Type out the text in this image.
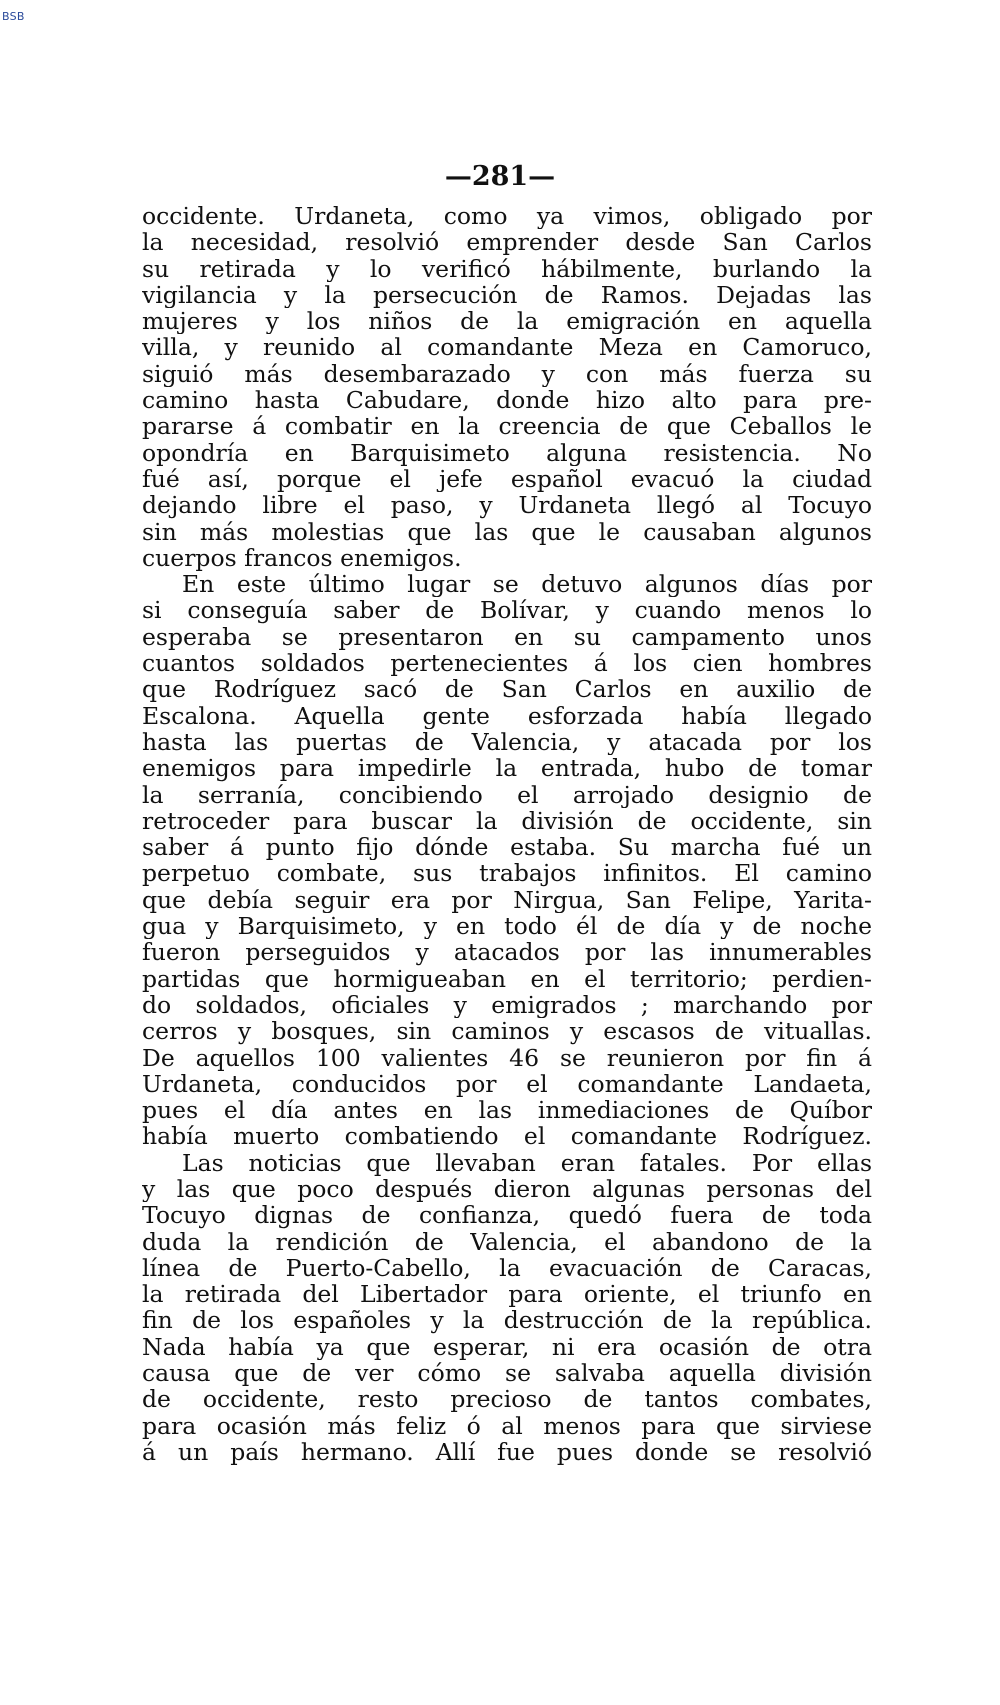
BSB
—281—
occidente. Urdaneta, como ya vimos, obligado por
la necesidad, resolvió emprender desde San Carlos
su retirada y lo verificó hábilmente, burlando la
vigilancia y la persecución de Ramos. Dejadas las
mujeres y los niños de la emigración en aquella
villa, y reunido al comandante Meza en Camoruco,
siguió más desembarazado y con más fuerza su
camino hasta Cabudare, donde hizo alto para pre-
pararse á combatir en la creencia de que Ceballos le
opondría en Barquisimeto alguna resistencia. No
fué así, porque el jefe español evacuó la ciudad
dejando libre el paso, y Urdaneta llegó al Tocuyo
sin más molestias que las que le causaban algunos
cuerpos francos enemigos.
En este último lugar se detuvo algunos días por
si conseguía saber de Bolívar, y cuando menos lo
esperaba se presentaron en su campamento unos
cuantos soldados pertenecientes á los cien hombres
que Rodríguez sacó de San Carlos en auxilio de
Escalona. Aquella gente esforzada había llegado
hasta las puertas de Valencia, y atacada por los
enemigos para impedirle la entrada, hubo de tomar
la serranía, concibiendo el arrojado designio de
retroceder para buscar la división de occidente, sin
saber á punto fijo dónde estaba. Su marcha fué un
perpetuo combate, sus trabajos infinitos. El camino
que debía seguir era por Nirgua, San Felipe, Yarita-
gua y Barquisimeto, y en todo él de día y de noche
fueron perseguidos y atacados por las innumerables
partidas que hormigueaban en el territorio; perdien-
do soldados, oficiales y emigrados ; marchando por
cerros y bosques, sin caminos y escasos de vituallas.
De aquellos 100 valientes 46 se reunieron por fin á
Urdaneta, conducidos por el comandante Landaeta,
pues el día antes en las inmediaciones de Quíbor
había muerto combatiendo el comandante Rodríguez.
Las noticias que llevaban eran fatales. Por ellas
y las que poco después dieron algunas personas del
Tocuyo dignas de confianza, quedó fuera de toda
duda la rendición de Valencia, el abandono de la
línea de Puerto-Cabello, la evacuación de Caracas,
la retirada del Libertador para oriente, el triunfo en
fin de los españoles y la destrucción de la república.
Nada había ya que esperar, ni era ocasión de otra
causa que de ver cómo se salvaba aquella división
de occidente, resto precioso de tantos combates,
para ocasión más feliz ó al menos para que sirviese
á un país hermano. Allí fue pues donde se resolvió
